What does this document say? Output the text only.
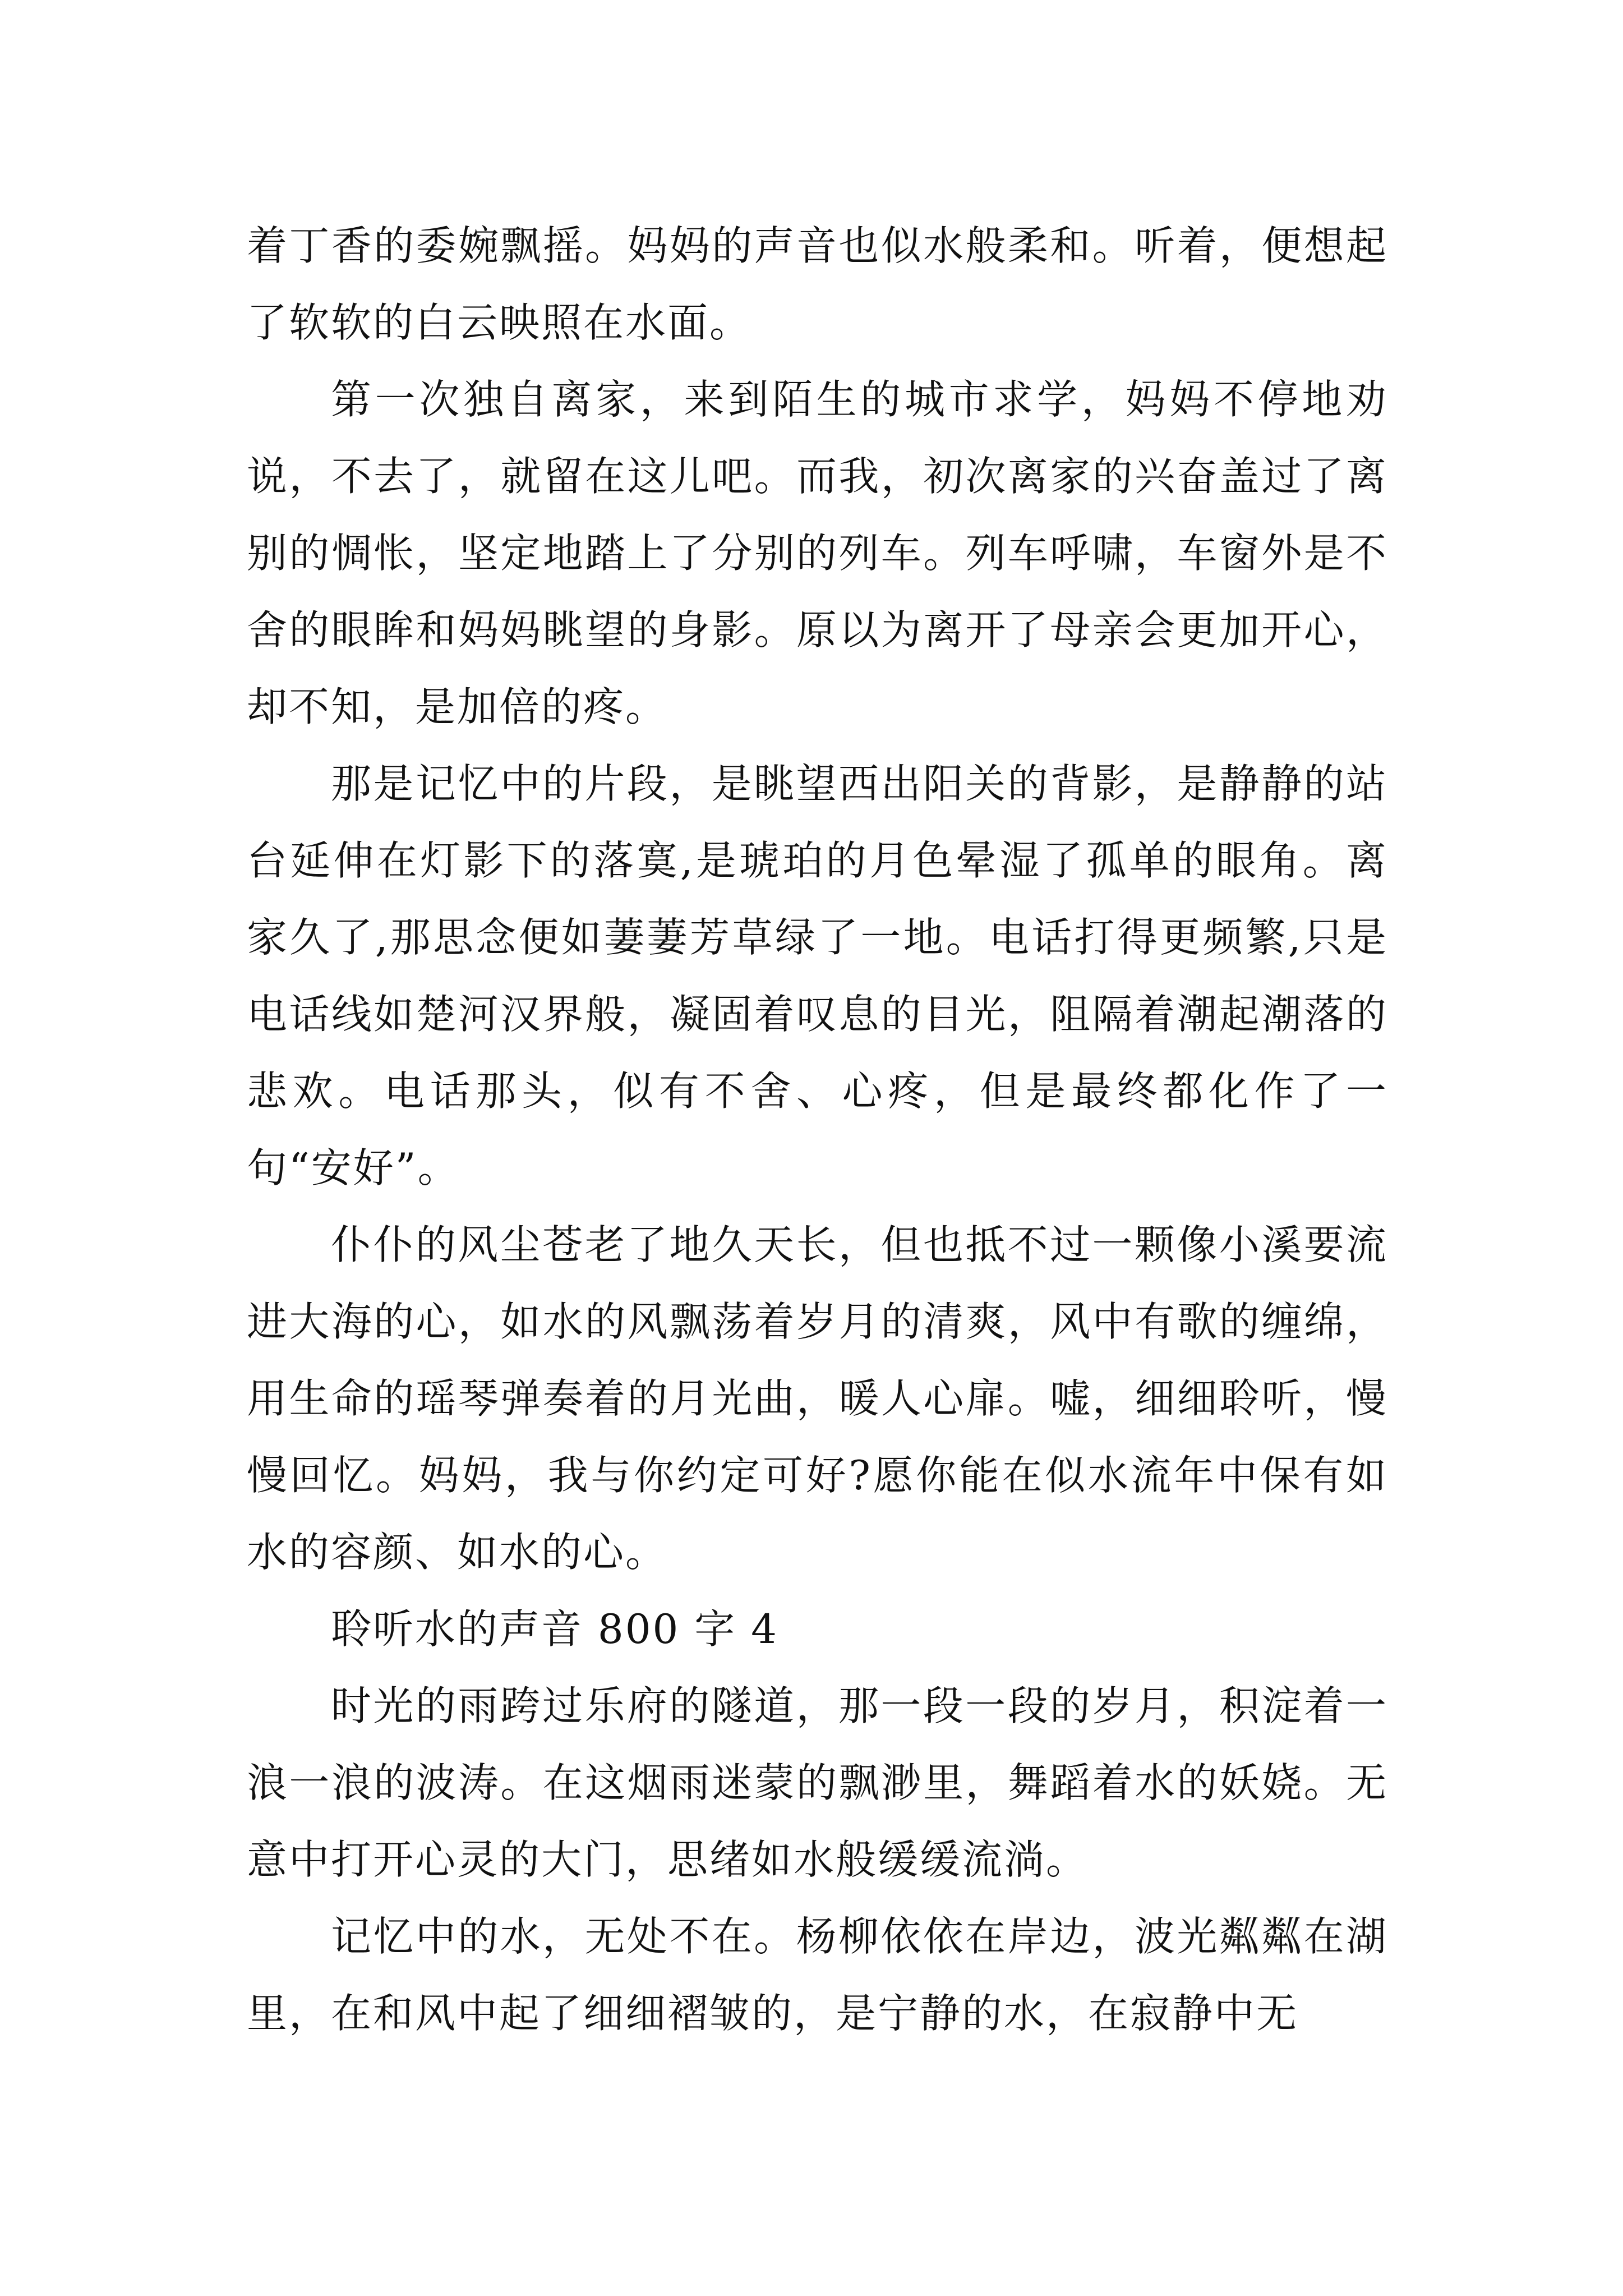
着丁香的委婉飘摇。妈妈的声音也似水般柔和。听着，便想起了软软的白云映照在水面。

第一次独自离家，来到陌生的城市求学，妈妈不停地劝说，不去了，就留在这儿吧。而我，初次离家的兴奋盖过了离别的惆怅，坚定地踏上了分别的列车。列车呼啸，车窗外是不舍的眼眸和妈妈眺望的身影。原以为离开了母亲会更加开心，却不知，是加倍的疼。

那是记忆中的片段，是眺望西出阳关的背影，是静静的站台延伸在灯影下的落寞,是琥珀的月色晕湿了孤单的眼角。离家久了,那思念便如萋萋芳草绿了一地。电话打得更频繁,只是电话线如楚河汉界般，凝固着叹息的目光，阻隔着潮起潮落的悲欢。电话那头，似有不舍、心疼，但是最终都化作了一句“安好”。

仆仆的风尘苍老了地久天长，但也抵不过一颗像小溪要流进大海的心，如水的风飘荡着岁月的清爽，风中有歌的缠绵，用生命的瑶琴弹奏着的月光曲，暖人心扉。嘘，细细聆听，慢慢回忆。妈妈，我与你约定可好?愿你能在似水流年中保有如水的容颜、如水的心。

聆听水的声音 800 字 4

时光的雨跨过乐府的隧道，那一段一段的岁月，积淀着一浪一浪的波涛。在这烟雨迷蒙的飘渺里，舞蹈着水的妖娆。无意中打开心灵的大门，思绪如水般缓缓流淌。

记忆中的水，无处不在。杨柳依依在岸边，波光粼粼在湖里，在和风中起了细细褶皱的，是宁静的水，在寂静中无
